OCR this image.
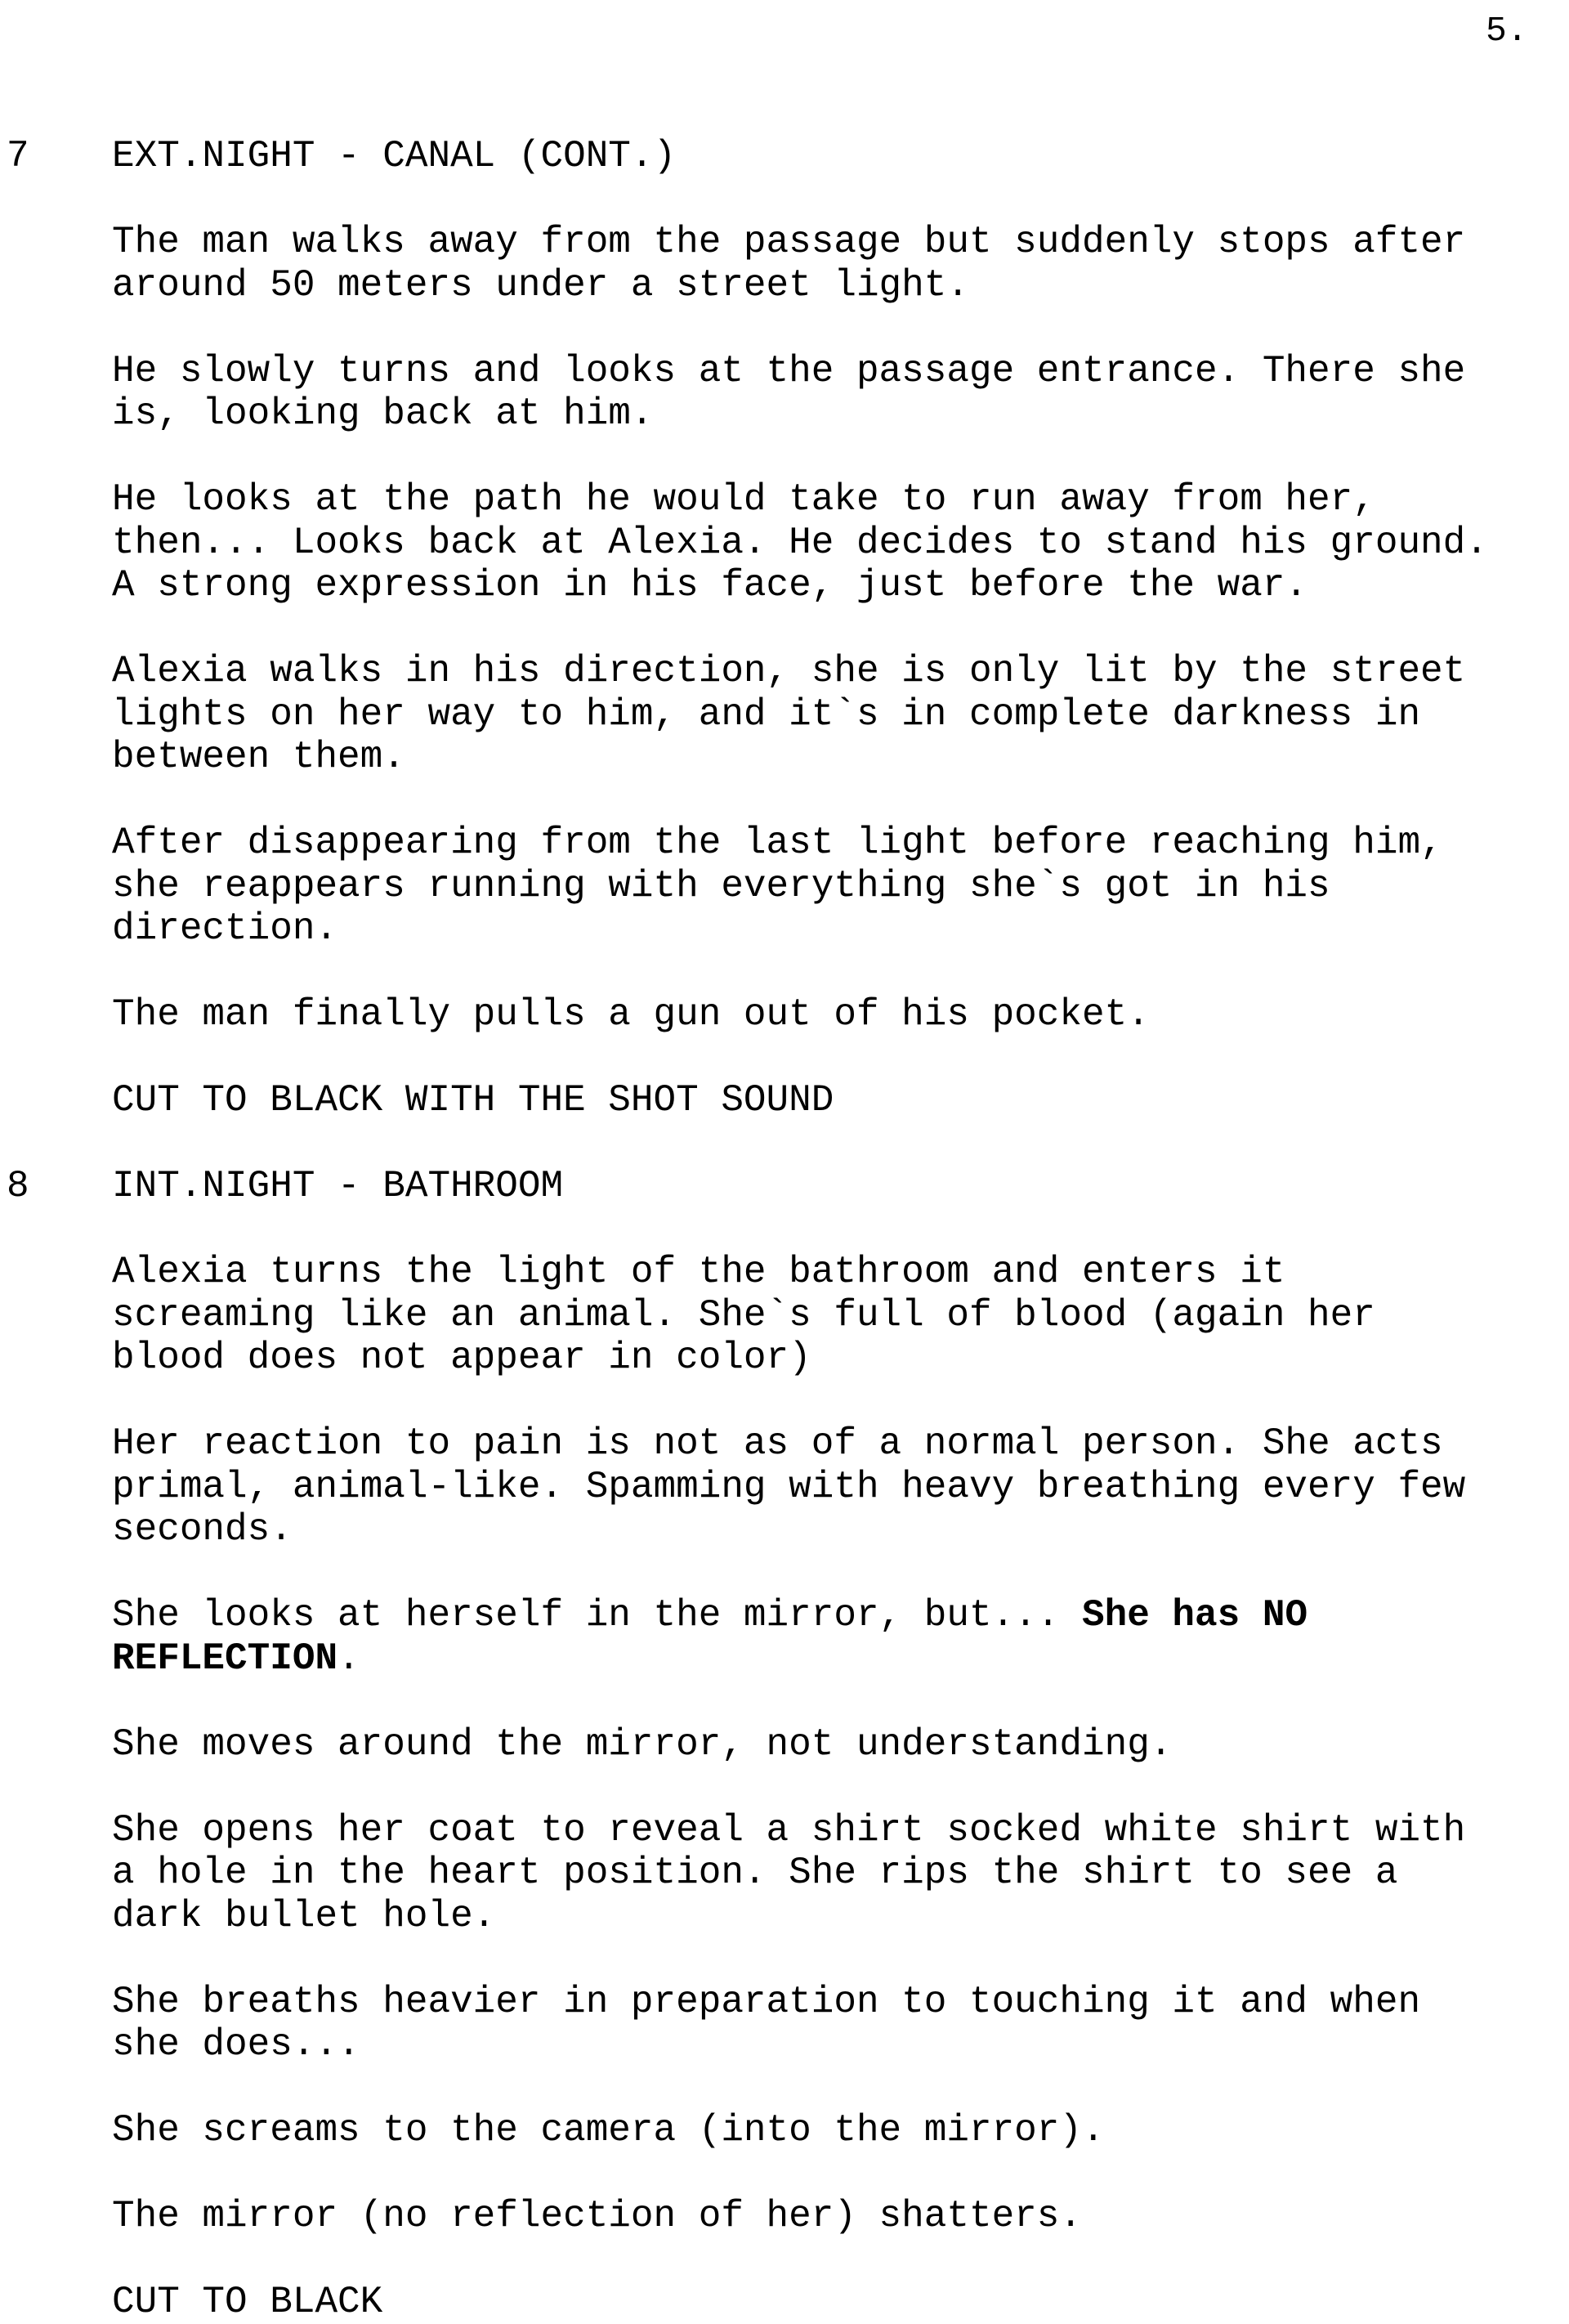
5.
7	EXT.NIGHT - CANAL (CONT.)
The man walks away from the passage but suddenly stops after
around 50 meters under a street light.
He slowly turns and looks at the passage entrance. There she
is, looking back at him.
He looks at the path he would take to run away from her,
then... Looks back at Alexia. He decides to stand his ground.
A strong expression in his face, just before the war.
Alexia walks in his direction, she is only lit by the street
lights on her way to him, and it`s in complete darkness in
between them.
After disappearing from the last light before reaching him,
she reappears running with everything she`s got in his
direction.
The man finally pulls a gun out of his pocket.
CUT TO BLACK WITH THE SHOT SOUND
8	INT.NIGHT - BATHROOM
Alexia turns the light of the bathroom and enters it
screaming like an animal. She`s full of blood (again her
blood does not appear in color)
Her reaction to pain is not as of a normal person. She acts
primal, animal-like. Spamming with heavy breathing every few
seconds.
She looks at herself in the mirror, but... She has NO
REFLECTION.
She moves around the mirror, not understanding.
She opens her coat to reveal a shirt socked white shirt with
a hole in the heart position. She rips the shirt to see a
dark bullet hole.
She breaths heavier in preparation to touching it and when
she does...
She screams to the camera (into the mirror).
The mirror (no reflection of her) shatters.
CUT TO BLACK
